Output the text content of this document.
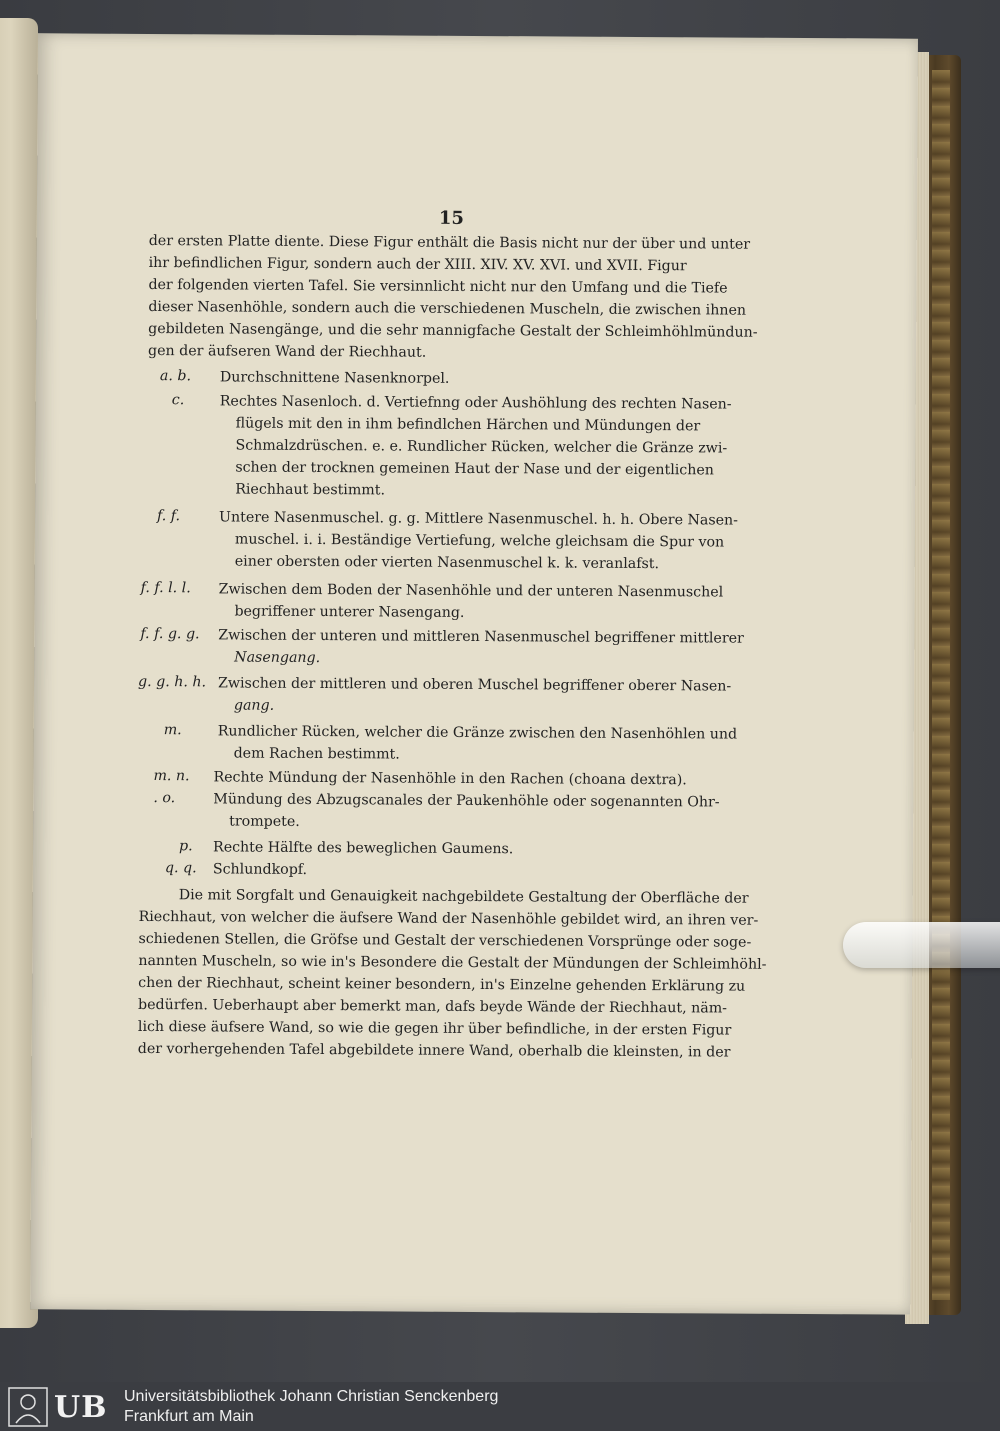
15
der ersten Platte diente. Diese Figur enthält die Basis nicht nur der über und unter
ihr befindlichen Figur, sondern auch der XIII. XIV. XV. XVI. und XVII. Figur
der folgenden vierten Tafel. Sie versinnlicht nicht nur den Umfang und die Tiefe
dieser Nasenhöhle, sondern auch die verschiedenen Muscheln, die zwischen ihnen
gebildeten Nasengänge, und die sehr mannigfache Gestalt der Schleimhöhlmündun-
gen der äufseren Wand der Riechhaut.
a. b. Durchschnittene Nasenknorpel.
c. Rechtes Nasenloch. d. Vertiefnng oder Aushöhlung des rechten Nasen-
flügels mit den in ihm befindlchen Härchen und Mündungen der
Schmalzdrüschen. e. e. Rundlicher Rücken, welcher die Gränze zwi-
schen der trocknen gemeinen Haut der Nase und der eigentlichen
Riechhaut bestimmt.
f. f.	Untere Nasenmuschel. g. g. Mittlere Nasenmuschel. h. h. Obere Nasen-
muschel. i. i. Beständige Vertiefung, welche gleichsam die Spur von
einer obersten oder vierten Nasenmuschel k. k. veranlafst.
f. f. l. l. Zwischen dem Boden der Nasenhöhle und der unteren Nasenmuschel
begriffener unterer Nasengang.
f. f. g. g. Zwischen der unteren und mittleren Nasenmuschel begriffener mittlerer
Nasengang.
g. g. h. h. Zwischen der mittleren und oberen Muschel begriffener oberer Nasen-
gang.
m.	Rundlicher Rücken, welcher die Gränze zwischen den Nasenhöhlen und
dem Rachen bestimmt.
m. n. Rechte Mündung der Nasenhöhle in den Rachen (choana dextra).
. o.	Mündung des Abzugscanales der Paukenhöhle oder sogenannten Ohr-
trompete.
p. Rechte Hälfte des beweglichen Gaumens.
q. q. Schlundkopf.
Die mit Sorgfalt und Genauigkeit nachgebildete Gestaltung der Oberfläche der
Riechhaut, von welcher die äufsere Wand der Nasenhöhle gebildet wird, an ihren ver-
schiedenen Stellen, die Gröfse und Gestalt der verschiedenen Vorsprünge oder soge-
nannten Muscheln, so wie in's Besondere die Gestalt der Mündungen der Schleimhöhl-
chen der Riechhaut, scheint keiner besondern, in's Einzelne gehenden Erklärung zu
bedürfen. Ueberhaupt aber bemerkt man, dafs beyde Wände der Riechhaut, näm-
lich diese äufsere Wand, so wie die gegen ihr über befindliche, in der ersten Figur
der vorhergehenden Tafel abgebildete innere Wand, oberhalb die kleinsten, in der
UB Universitätsbibliothek Johann Christian Senckenberg
Frankfurt am Main
